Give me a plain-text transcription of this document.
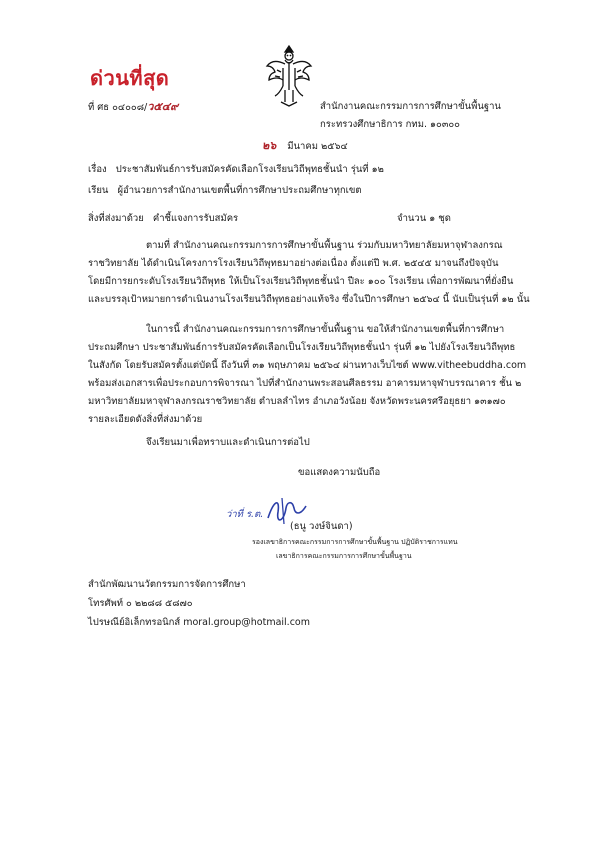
ด่วนที่สุด
ที่ ศธ ๐๔๐๐๘/ว๕๔๙	สำนักงานคณะกรรมการการศึกษาขั้นพื้นฐาน
กระทรวงศึกษาธิการ กทม. ๑๐๓๐๐
๒๖ มีนาคม ๒๕๖๔
เรื่อง ประชาสัมพันธ์การรับสมัครคัดเลือกโรงเรียนวิถีพุทธชั้นนำ รุ่นที่ ๑๒
เรียน ผู้อำนวยการสำนักงานเขตพื้นที่การศึกษาประถมศึกษาทุกเขต
สิ่งที่ส่งมาด้วย คำชี้แจงการรับสมัคร	จำนวน ๑ ชุด
ตามที่ สำนักงานคณะกรรมการการศึกษาขั้นพื้นฐาน ร่วมกับมหาวิทยาลัยมหาจุฬาลงกรณ
ราชวิทยาลัย ได้ดำเนินโครงการโรงเรียนวิถีพุทธมาอย่างต่อเนื่อง ตั้งแต่ปี พ.ศ. ๒๕๔๕ มาจนถึงปัจจุบัน
โดยมีการยกระดับโรงเรียนวิถีพุทธ ให้เป็นโรงเรียนวิถีพุทธชั้นนำ ปีละ ๑๐๐ โรงเรียน เพื่อการพัฒนาที่ยั่งยืน
และบรรลุเป้าหมายการดำเนินงานโรงเรียนวิถีพุทธอย่างแท้จริง ซึ่งในปีการศึกษา ๒๕๖๔ นี้ นับเป็นรุ่นที่ ๑๒ นั้น
ในการนี้ สำนักงานคณะกรรมการการศึกษาขั้นพื้นฐาน ขอให้สำนักงานเขตพื้นที่การศึกษา
ประถมศึกษา ประชาสัมพันธ์การรับสมัครคัดเลือกเป็นโรงเรียนวิถีพุทธชั้นนำ รุ่นที่ ๑๒ ไปยังโรงเรียนวิถีพุทธ
ในสังกัด โดยรับสมัครตั้งแต่บัดนี้ ถึงวันที่ ๓๑ พฤษภาคม ๒๕๖๔ ผ่านทางเว็บไซต์ www.vitheebuddha.com
พร้อมส่งเอกสารเพื่อประกอบการพิจารณา ไปที่สำนักงานพระสอนศีลธรรม อาคารมหาจุฬาบรรณาคาร ชั้น ๒
มหาวิทยาลัยมหาจุฬาลงกรณราชวิทยาลัย ตำบลลำไทร อำเภอวังน้อย จังหวัดพระนครศรีอยุธยา ๑๓๑๗๐
รายละเอียดดังสิ่งที่ส่งมาด้วย
จึงเรียนมาเพื่อทราบและดำเนินการต่อไป
ขอแสดงความนับถือ
ว่าที่ ร.ต.
(ธนู วงษ์จินดา)
รองเลขาธิการคณะกรรมการการศึกษาขั้นพื้นฐาน ปฏิบัติราชการแทน
เลขาธิการคณะกรรมการการศึกษาขั้นพื้นฐาน
สำนักพัฒนานวัตกรรมการจัดการศึกษา
โทรศัพท์ ๐ ๒๒๘๘ ๕๘๗๐
ไปรษณีย์อิเล็กทรอนิกส์ moral.group@hotmail.com
